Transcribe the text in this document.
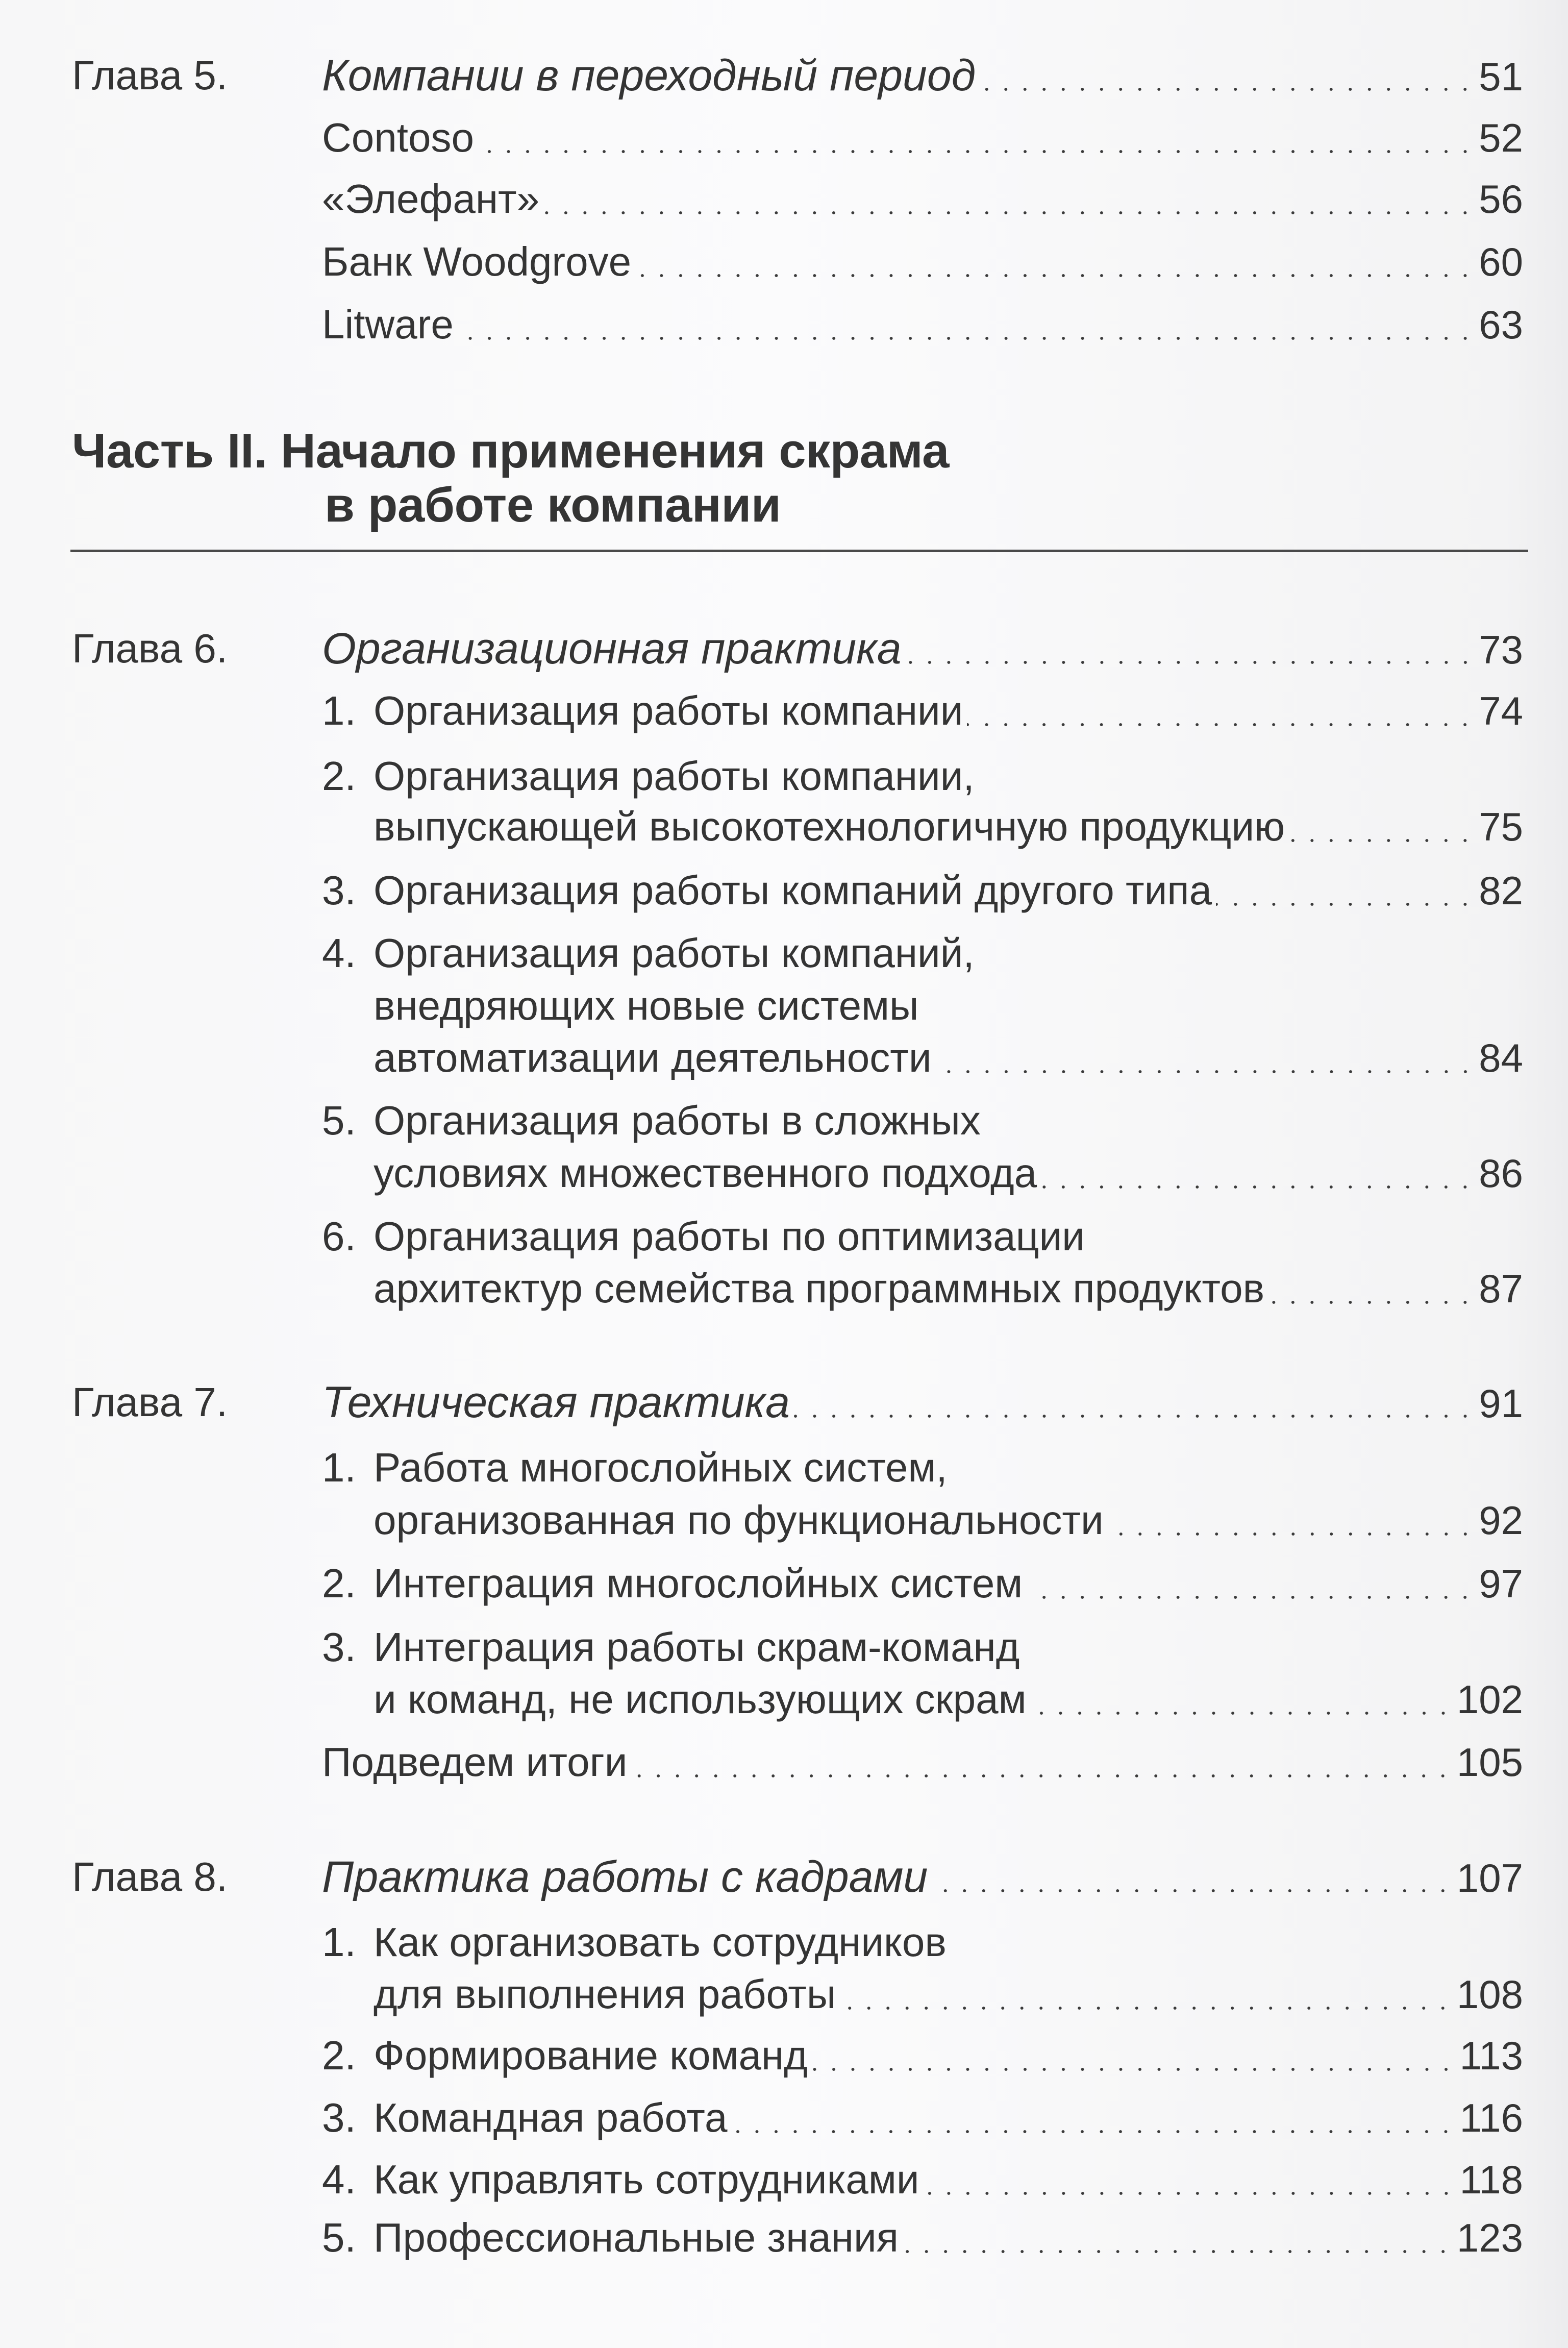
Глава 5. Компании в переходный период	51
Contoso	52
«Элефант»	56
Банк Woodgrove	60
Litware	63
Часть II. Начало применения скрама
в работе компании
Глава 6. Организационная практика	73
1. Организация работы компании	74
2. Организация работы компании,
выпускающей высокотехнологичную продукцию	75
3. Организация работы компаний другого типа	82
4. Организация работы компаний,
внедряющих новые системы
автоматизации деятельности	84
5. Организация работы в сложных
условиях множественного подхода	86
6. Организация работы по оптимизации
архитектур семейства программных продуктов	87
Глава 7. Техническая практика	91
1. Работа многослойных систем,
организованная по функциональности	92
2. Интеграция многослойных систем	97
3. Интеграция работы скрам-команд
и команд, не использующих скрам	102
Подведем итоги	105
Глава 8. Практика работы с кадрами	107
1. Как организовать сотрудников
для выполнения работы	108
2. Формирование команд	113
3. Командная работа	116
4. Как управлять сотрудниками	118
5. Профессиональные знания	123
